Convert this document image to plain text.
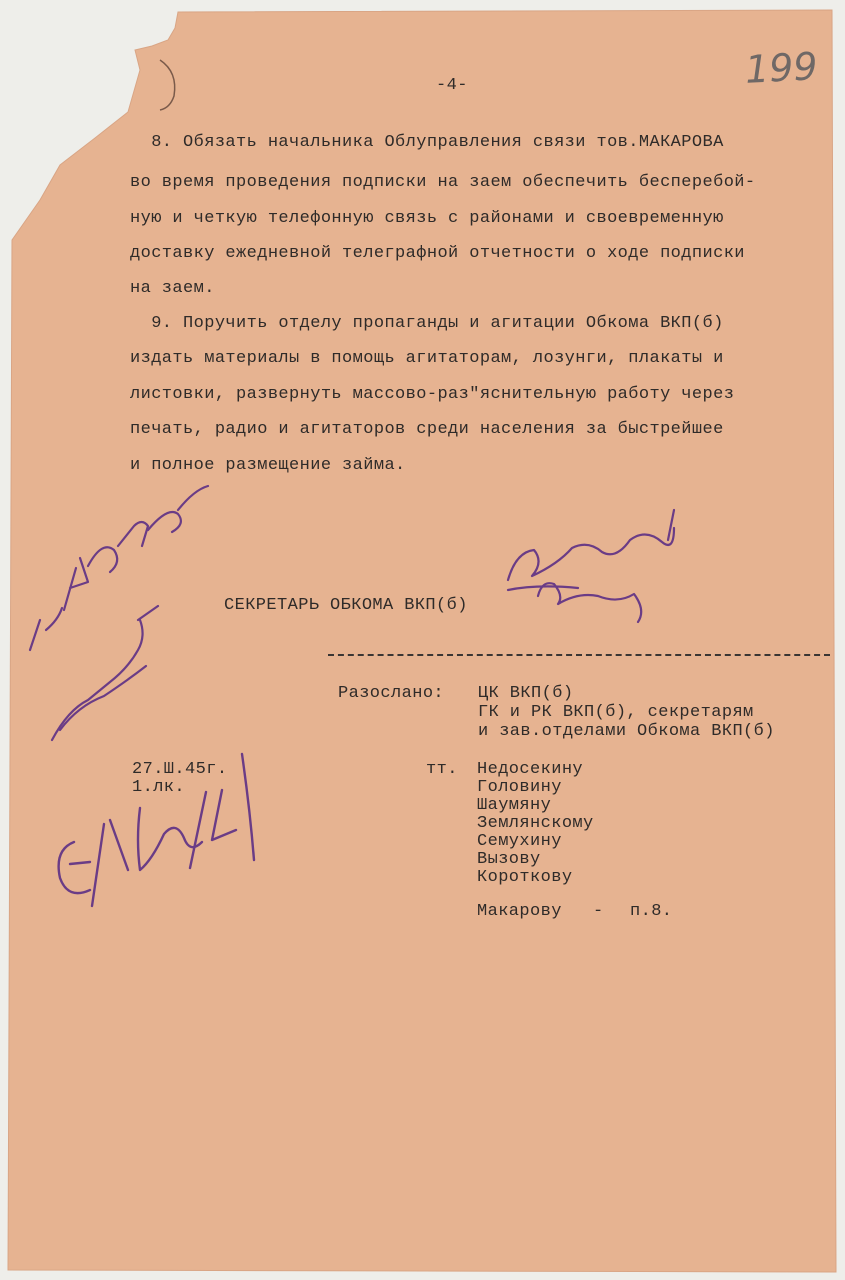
199
-4-
8. Обязать начальника Облуправления связи тов.МАКАРОВА
во время проведения подписки на заем обеспечить бесперебой-
ную и четкую телефонную связь с районами и своевременную
доставку ежедневной телеграфной отчетности о ходе подписки
на заем.
9. Поручить отделу пропаганды и агитации Обкома ВКП(б)
издать материалы в помощь агитаторам, лозунги, плакаты и
листовки, развернуть массово-раз"яснительную работу через
печать, радио и агитаторов среди населения за быстрейшее
и полное размещение займа.
СЕКРЕТАРЬ ОБКОМА ВКП(б)
Разослано: ЦК ВКП(б)
ГК и РК ВКП(б), секретарям
и зав.отделами Обкома ВКП(б)
тт. Недосекину
Головину
Шаумяну
Землянскому
Семухину
Вызову
Короткову
Макарову - п.8.
27.Ш.45г.
1.лк.
